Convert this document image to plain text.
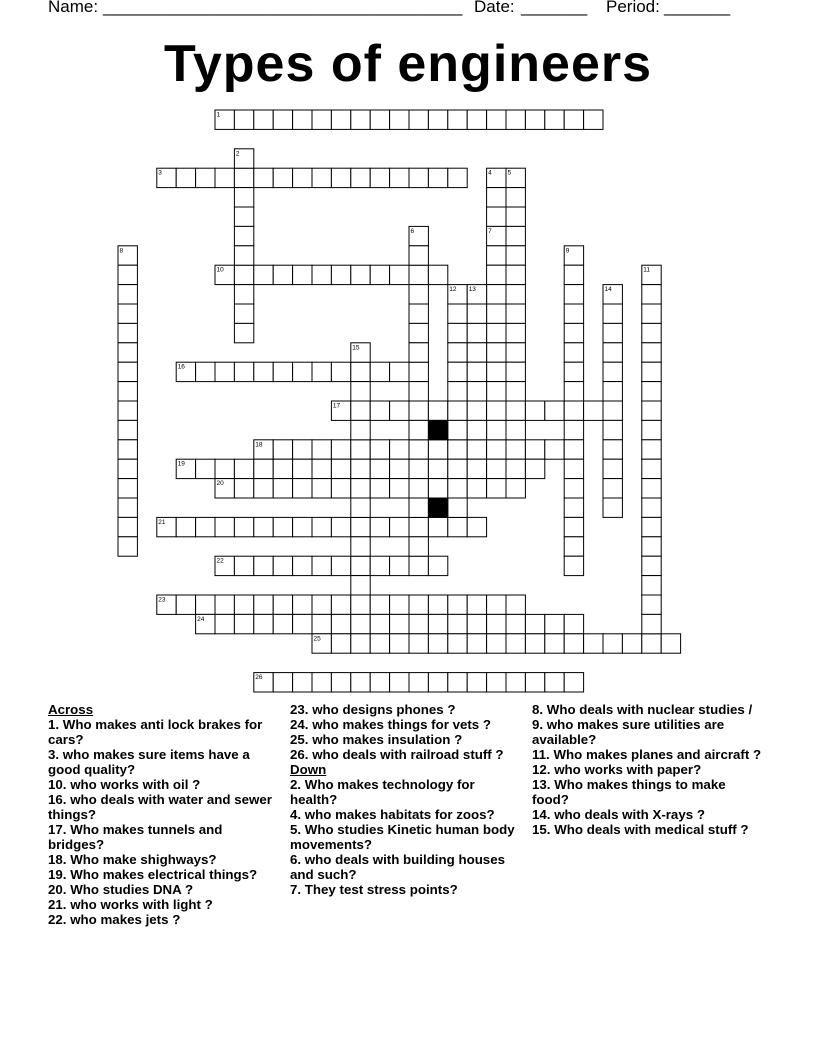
Name: ______________________________________ Date: _______ Period: _______
Types of engineers
1
3
10
16
17
18
19
20
21
22
23
24
25
26
2
4 5
6	7
8	9
11
12 13	14
15
Across
1. Who makes anti lock brakes for cars?
3. who makes sure items have a good quality?
10. who works with oil ?
16. who deals with water and sewer things?
17. Who makes tunnels and bridges?
18. Who make shighways?
19. Who makes electrical things?
20. Who studies DNA ?
21. who works with light ?
22. who makes jets ?
23. who designs phones ?
24. who makes things for vets ?
25. who makes insulation ?
26. who deals with railroad stuff ?
Down
2. Who makes technology for health?
4. who makes habitats for zoos?
5. Who studies Kinetic human body movements?
6. who deals with building houses and such?
7. They test stress points?
8. Who deals with nuclear studies /
9. who makes sure utilities are available?
11. Who makes planes and aircraft ?
12. who works with paper?
13. Who makes things to make food?
14. who deals with X-rays ?
15. Who deals with medical stuff ?
